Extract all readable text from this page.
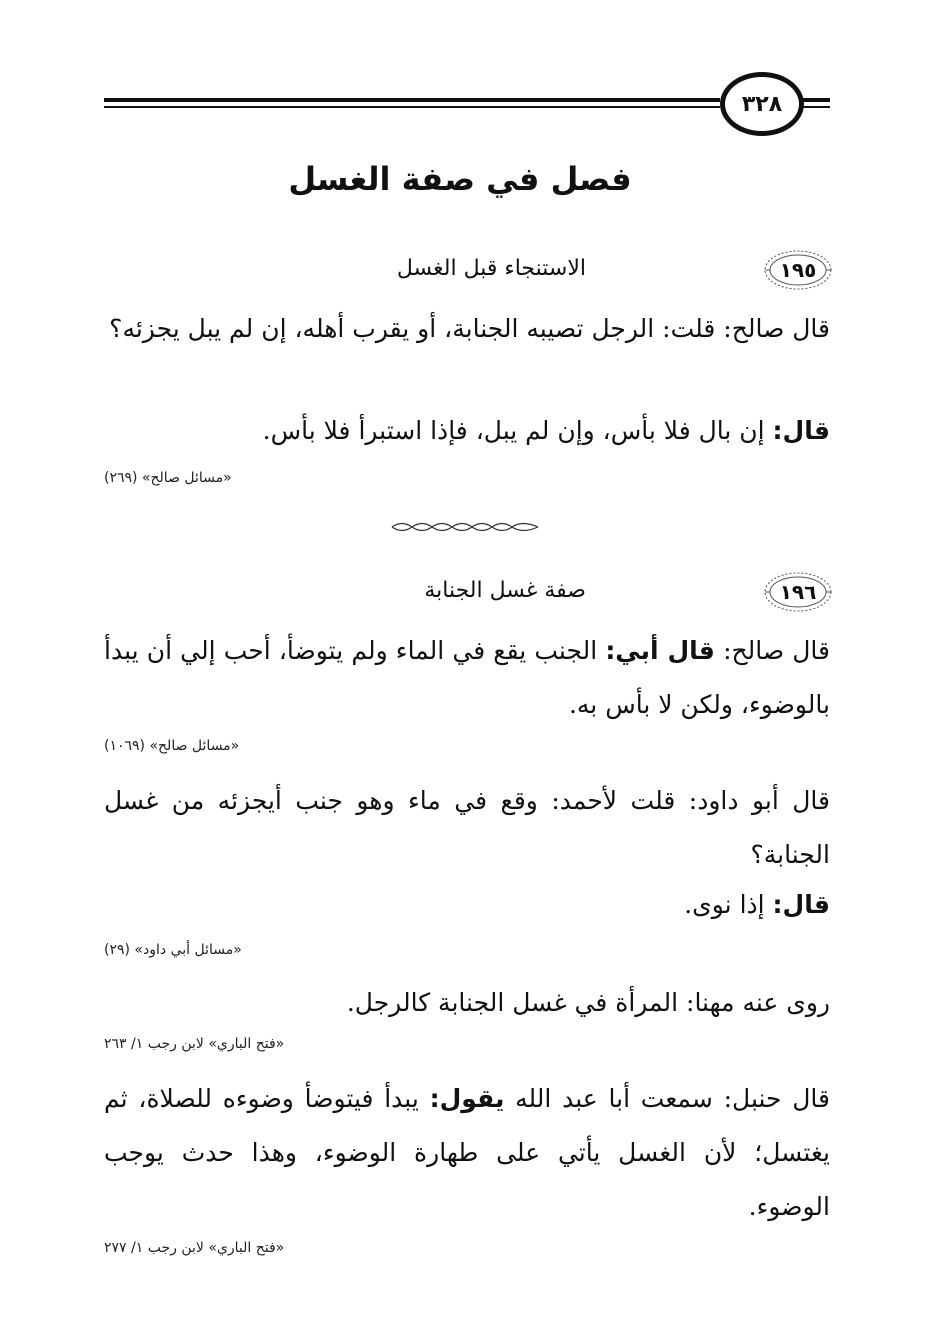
٣٢٨
فصل في صفة الغسل
١٩٥
الاستنجاء قبل الغسل
قال صالح: قلت: الرجل تصيبه الجنابة، أو يقرب أهله، إن لم يبل يجزئه؟
قال: إن بال فلا بأس، وإن لم يبل، فإذا استبرأ فلا بأس.
«مسائل صالح» (٢٦٩)
١٩٦
صفة غسل الجنابة
قال صالح: قال أبي: الجنب يقع في الماء ولم يتوضأ، أحب إلي أن يبدأ بالوضوء، ولكن لا بأس به.
«مسائل صالح» (١٠٦٩)
قال أبو داود: قلت لأحمد: وقع في ماء وهو جنب أيجزئه من غسل الجنابة؟
قال: إذا نوى.
«مسائل أبي داود» (٢٩)
روى عنه مهنا: المرأة في غسل الجنابة كالرجل.
«فتح الباري» لابن رجب ١/ ٢٦٣
قال حنبل: سمعت أبا عبد الله يقول: يبدأ فيتوضأ وضوءه للصلاة، ثم يغتسل؛ لأن الغسل يأتي على طهارة الوضوء، وهذا حدث يوجب الوضوء.
«فتح الباري» لابن رجب ١/ ٢٧٧
